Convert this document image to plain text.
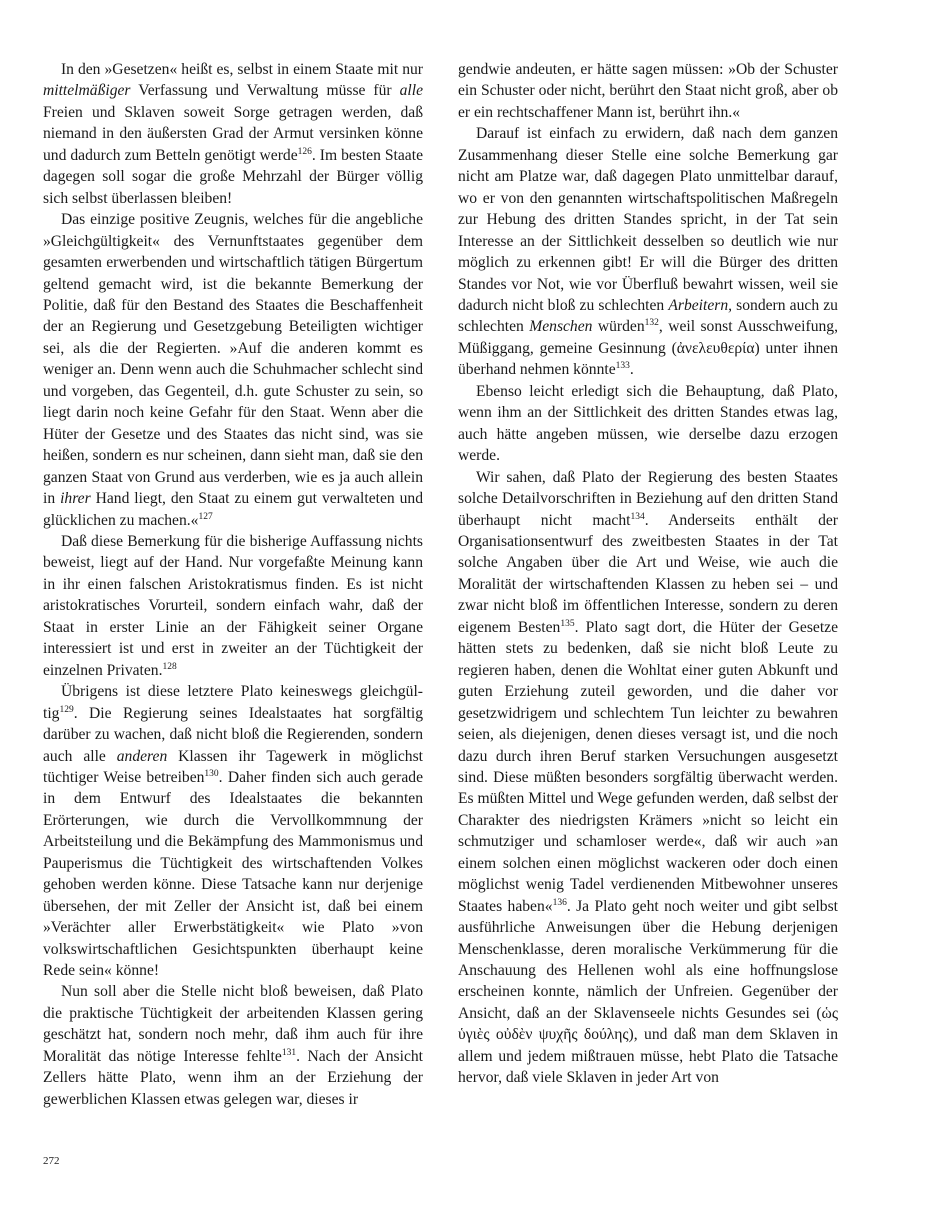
In den »Gesetzen« heißt es, selbst in einem Staate mit nur mittelmäßiger Verfassung und Verwaltung müsse für alle Freien und Sklaven soweit Sorge getragen werden, daß niemand in den äußersten Grad der Armut versinken könne und dadurch zum Betteln genötigt werde$^{126}$. Im besten Staate dagegen soll sogar die große Mehrzahl der Bürger völlig sich selbst überlassen bleiben!

Das einzige positive Zeugnis, welches für die angebliche »Gleichgültigkeit« des Vernunftstaates gegenüber dem gesamten erwerbenden und wirtschaftlich tätigen Bürgertum geltend gemacht wird, ist die bekannte Bemerkung der Politie, daß für den Bestand des Staates die Beschaffenheit der an Regierung und Gesetzgebung Beteiligten wichtiger sei, als die der Regierten. »Auf die anderen kommt es weniger an. Denn wenn auch die Schuhmacher schlecht sind und vorgeben, das Gegenteil, d.h. gute Schuster zu sein, so liegt darin noch keine Gefahr für den Staat. Wenn aber die Hüter der Gesetze und des Staates das nicht sind, was sie heißen, sondern es nur scheinen, dann sieht man, daß sie den ganzen Staat von Grund aus verderben, wie es ja auch allein in ihrer Hand liegt, den Staat zu einem gut verwalteten und glücklichen zu machen.«$^{127}$

Daß diese Bemerkung für die bisherige Auffassung nichts beweist, liegt auf der Hand. Nur vorgefaßte Meinung kann in ihr einen falschen Aristokratismus finden. Es ist nicht aristokratisches Vorurteil, sondern einfach wahr, daß der Staat in erster Linie an der Fähigkeit seiner Organe interessiert ist und erst in zweiter an der Tüchtigkeit der einzelnen Privaten.$^{128}$

Übrigens ist diese letztere Plato keineswegs gleichgültig$^{129}$. Die Regierung seines Idealstaates hat sorgfältig darüber zu wachen, daß nicht bloß die Regierenden, sondern auch alle anderen Klassen ihr Tagewerk in möglichst tüchtiger Weise betreiben$^{130}$. Daher finden sich auch gerade in dem Entwurf des Idealstaates die bekannten Erörterungen, wie durch die Vervollkommnung der Arbeitsteilung und die Bekämpfung des Mammonismus und Pauperismus die Tüchtigkeit des wirtschaftenden Volkes gehoben werden könne. Diese Tatsache kann nur derjenige übersehen, der mit Zeller der Ansicht ist, daß bei einem »Verächter aller Erwerbstätigkeit« wie Plato »von volkswirtschaftlichen Gesichtspunkten überhaupt keine Rede sein« könne!

Nun soll aber die Stelle nicht bloß beweisen, daß Plato die praktische Tüchtigkeit der arbeitenden Klassen gering geschätzt hat, sondern noch mehr, daß ihm auch für ihre Moralität das nötige Interesse fehlte$^{131}$. Nach der Ansicht Zellers hätte Plato, wenn ihm an der Erziehung der gewerblichen Klassen etwas gelegen war, dieses ir

gendwie andeuten, er hätte sagen müssen: »Ob der Schuster ein Schuster oder nicht, berührt den Staat nicht groß, aber ob er ein rechtschaffener Mann ist, berührt ihn.«

Darauf ist einfach zu erwidern, daß nach dem ganzen Zusammenhang dieser Stelle eine solche Bemerkung gar nicht am Platze war, daß dagegen Plato unmittelbar darauf, wo er von den genannten wirtschaftspolitischen Maßregeln zur Hebung des dritten Standes spricht, in der Tat sein Interesse an der Sittlichkeit desselben so deutlich wie nur möglich zu erkennen gibt! Er will die Bürger des dritten Standes vor Not, wie vor Überfluß bewahrt wissen, weil sie dadurch nicht bloß zu schlechten Arbeitern, sondern auch zu schlechten Menschen würden$^{132}$, weil sonst Ausschweifung, Müßiggang, gemeine Gesinnung (ἀνελευθερία) unter ihnen überhand nehmen könnte$^{133}$.

Ebenso leicht erledigt sich die Behauptung, daß Plato, wenn ihm an der Sittlichkeit des dritten Standes etwas lag, auch hätte angeben müssen, wie derselbe dazu erzogen werde.

Wir sahen, daß Plato der Regierung des besten Staates solche Detailvorschriften in Beziehung auf den dritten Stand überhaupt nicht macht$^{134}$. Anderseits enthält der Organisationsentwurf des zweitbesten Staates in der Tat solche Angaben über die Art und Weise, wie auch die Moralität der wirtschaftenden Klassen zu heben sei – und zwar nicht bloß im öffentlichen Interesse, sondern zu deren eigenem Besten$^{135}$. Plato sagt dort, die Hüter der Gesetze hätten stets zu bedenken, daß sie nicht bloß Leute zu regieren haben, denen die Wohltat einer guten Abkunft und guten Erziehung zuteil geworden, und die daher vor gesetzwidrigem und schlechtem Tun leichter zu bewahren seien, als diejenigen, denen dieses versagt ist, und die noch dazu durch ihren Beruf starken Versuchungen ausgesetzt sind. Diese müßten besonders sorgfältig überwacht werden. Es müßten Mittel und Wege gefunden werden, daß selbst der Charakter des niedrigsten Krämers »nicht so leicht ein schmutziger und schamloser werde«, daß wir auch »an einem solchen einen möglichst wackeren oder doch einen möglichst wenig Tadel verdienenden Mitbewohner unseres Staates haben«$^{136}$. Ja Plato geht noch weiter und gibt selbst ausführliche Anweisungen über die Hebung derjenigen Menschenklasse, deren moralische Verkümmerung für die Anschauung des Hellenen wohl als eine hoffnungslose erscheinen konnte, nämlich der Unfreien. Gegenüber der Ansicht, daß an der Sklavenseele nichts Gesundes sei (ὡς ὑγιὲς οὐδὲν ψυχῆς δούλης), und daß man dem Sklaven in allem und jedem mißtrauen müsse, hebt Plato die Tatsache hervor, daß viele Sklaven in jeder Art von

272
